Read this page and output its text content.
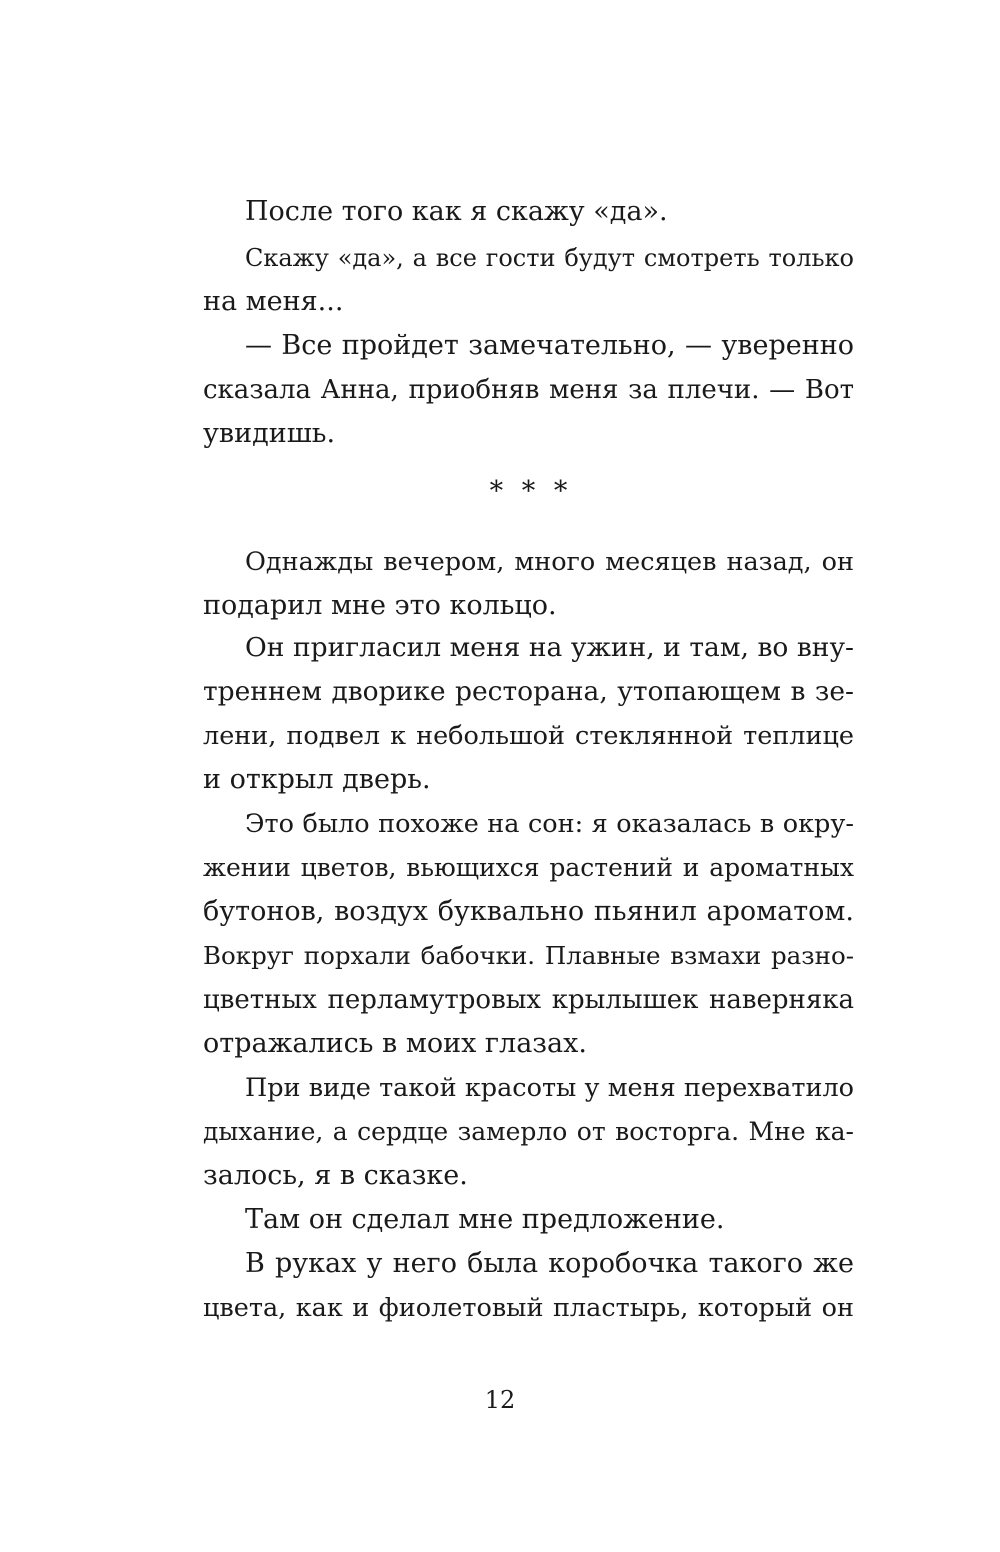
После того как я скажу «да».
Скажу «да», а все гости будут смотреть только
на меня...
— Все пройдет замечательно, — уверенно
сказала Анна, приобняв меня за плечи. — Вот
увидишь.
* * *
Однажды вечером, много месяцев назад, он
подарил мне это кольцо.
Он пригласил меня на ужин, и там, во вну-
треннем дворике ресторана, утопающем в зе-
лени, подвел к небольшой стеклянной теплице
и открыл дверь.
Это было похоже на сон: я оказалась в окру-
жении цветов, вьющихся растений и ароматных
бутонов, воздух буквально пьянил ароматом.
Вокруг порхали бабочки. Плавные взмахи разно-
цветных перламутровых крылышек наверняка
отражались в моих глазах.
При виде такой красоты у меня перехватило
дыхание, а сердце замерло от восторга. Мне ка-
залось, я в сказке.
Там он сделал мне предложение.
В руках у него была коробочка такого же
цвета, как и фиолетовый пластырь, который он
12
